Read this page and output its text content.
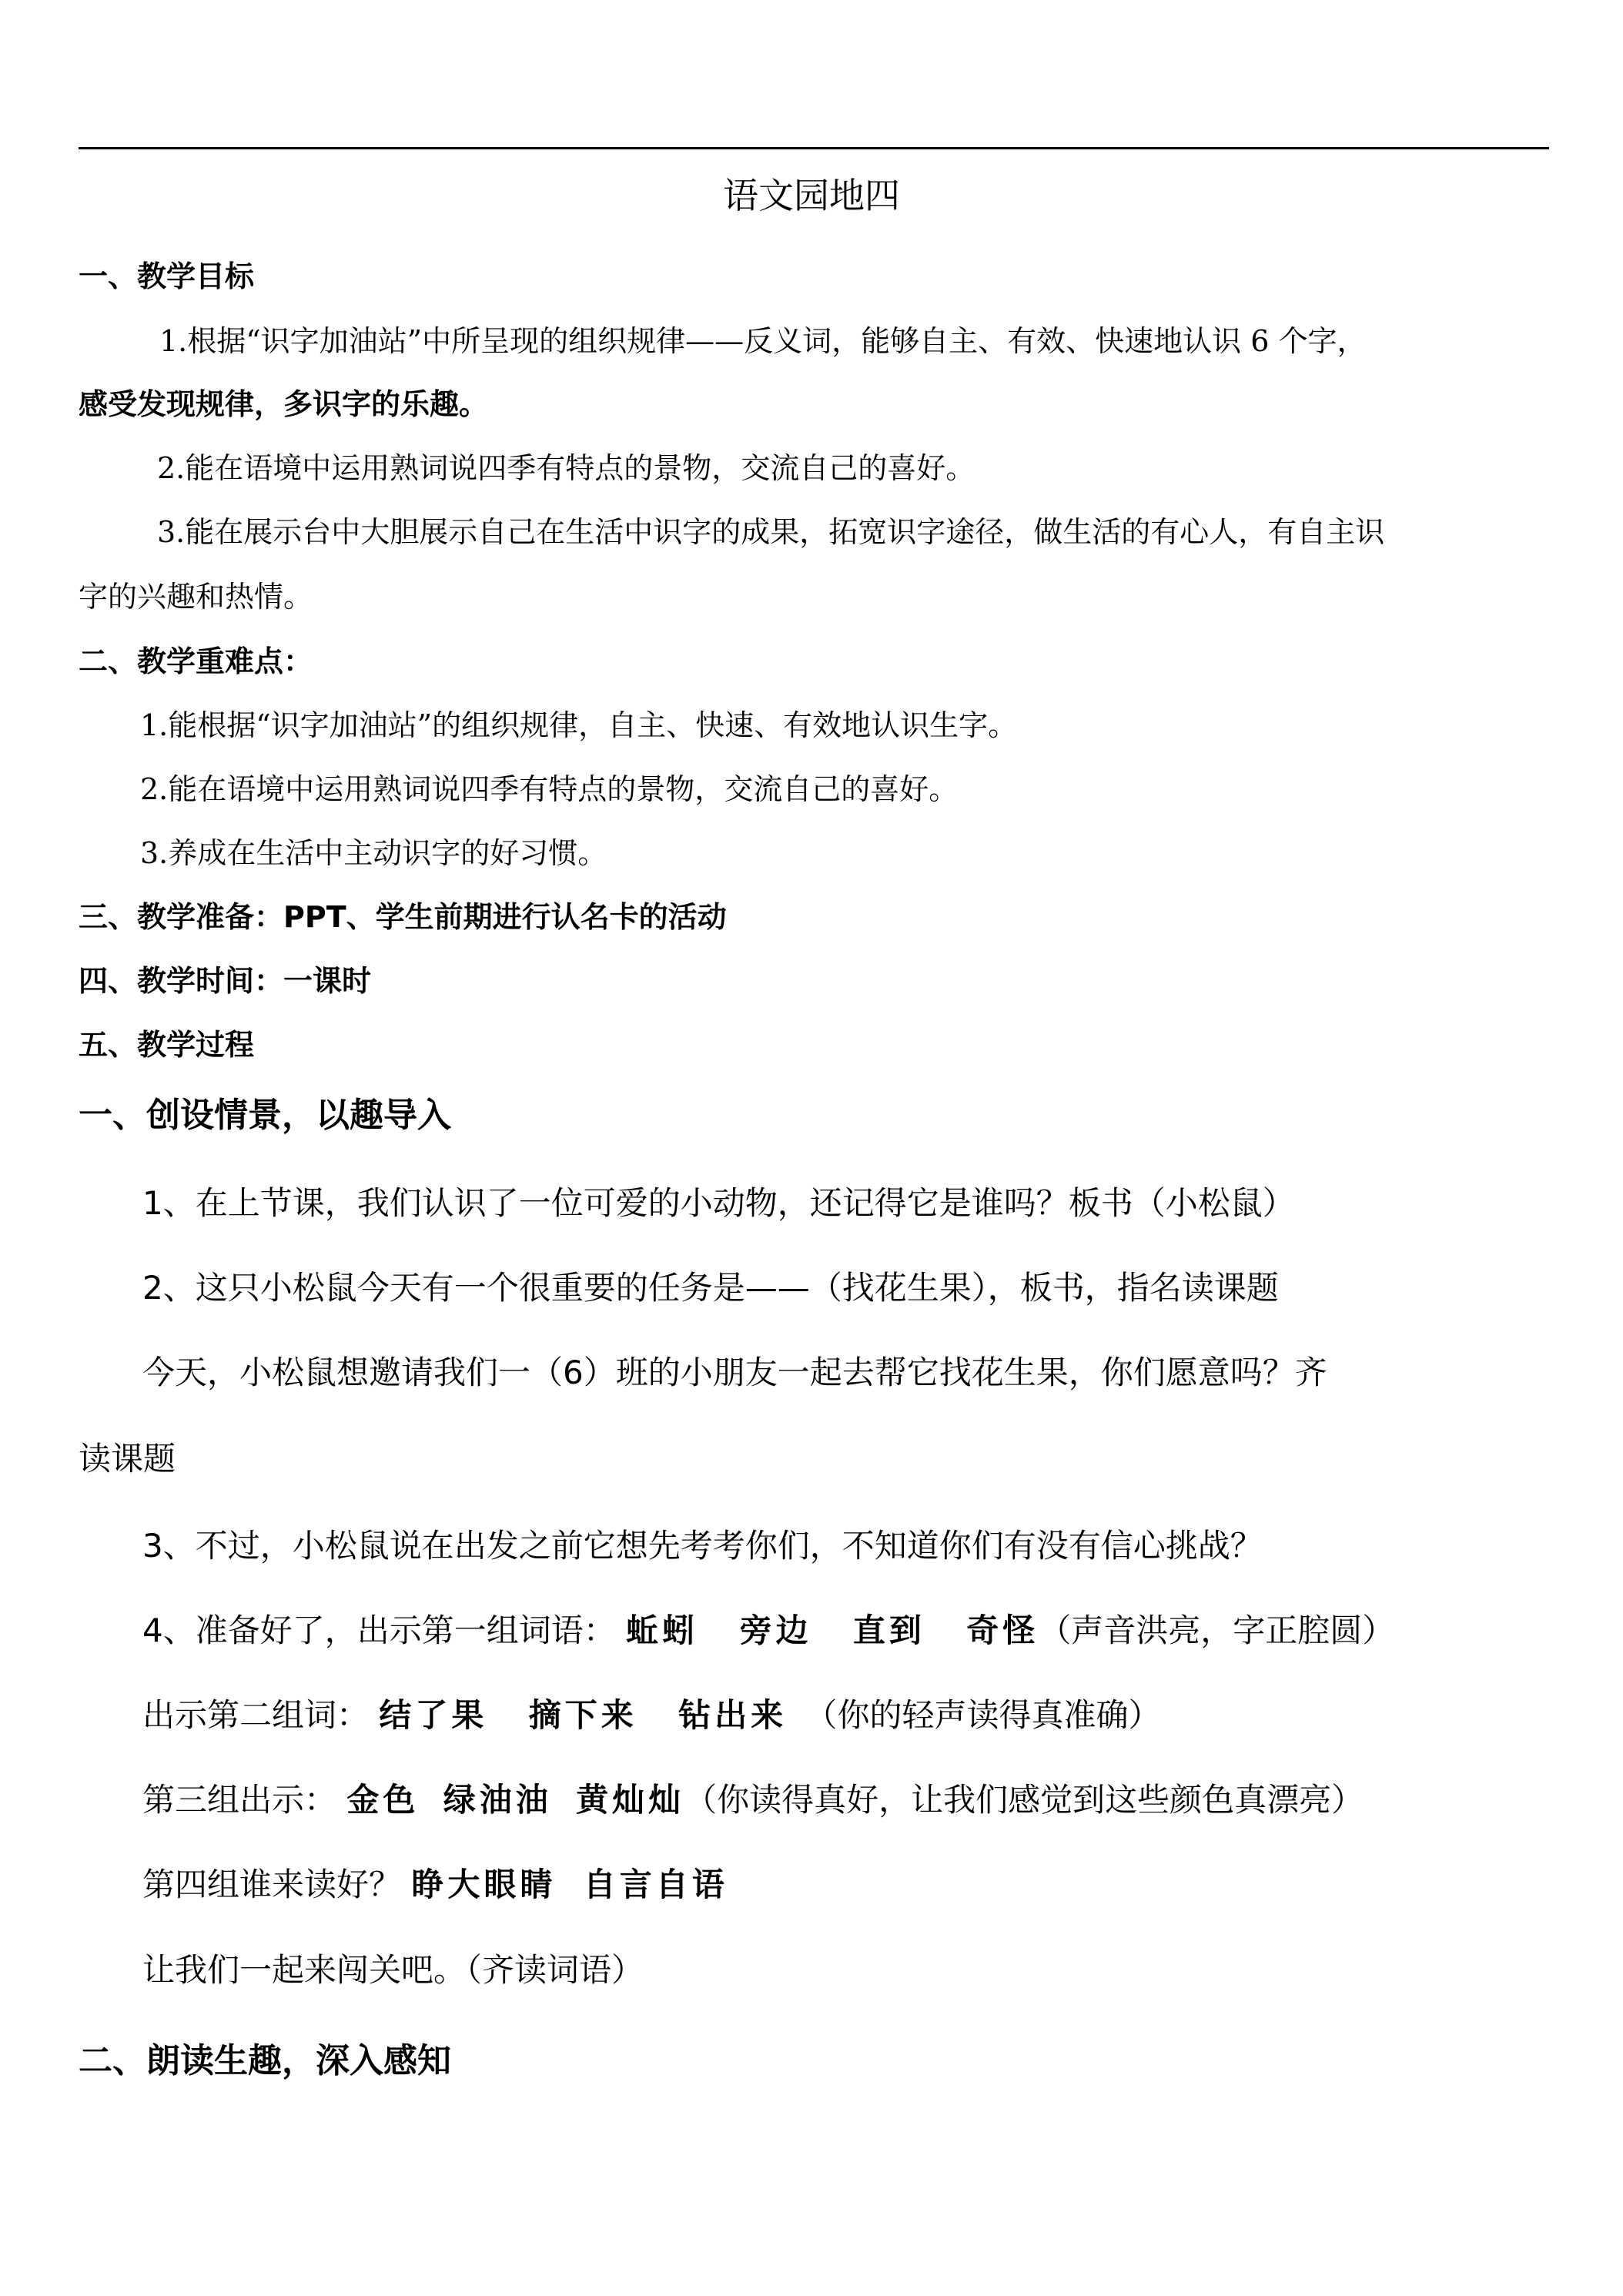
语文园地四
一、教学目标
1.根据“识字加油站”中所呈现的组织规律——反义词，能够自主、有效、快速地认识 6 个字，
感受发现规律，多识字的乐趣。
2.能在语境中运用熟词说四季有特点的景物，交流自己的喜好。
3.能在展示台中大胆展示自己在生活中识字的成果，拓宽识字途径，做生活的有心人，有自主识
字的兴趣和热情。
二、教学重难点：
1.能根据“识字加油站”的组织规律，自主、快速、有效地认识生字。
2.能在语境中运用熟词说四季有特点的景物，交流自己的喜好。
3.养成在生活中主动识字的好习惯。
三、教学准备：PPT、学生前期进行认名卡的活动
四、教学时间：一课时
五、教学过程
一、创设情景，以趣导入
1、在上节课，我们认识了一位可爱的小动物，还记得它是谁吗？板书（小松鼠）
2、这只小松鼠今天有一个很重要的任务是——（找花生果），板书，指名读课题
今天，小松鼠想邀请我们一（6）班的小朋友一起去帮它找花生果，你们愿意吗？齐
读课题
3、不过，小松鼠说在出发之前它想先考考你们，不知道你们有没有信心挑战？
4、准备好了，出示第一组词语： 蚯蚓 旁边 直到 奇怪（声音洪亮，字正腔圆）
出示第二组词： 结了果 摘下来 钻出来 （你的轻声读得真准确）
第三组出示： 金色 绿油油 黄灿灿（你读得真好，让我们感觉到这些颜色真漂亮）
第四组谁来读好？ 睁大眼睛 自言自语
让我们一起来闯关吧。（齐读词语）
二、朗读生趣，深入感知
